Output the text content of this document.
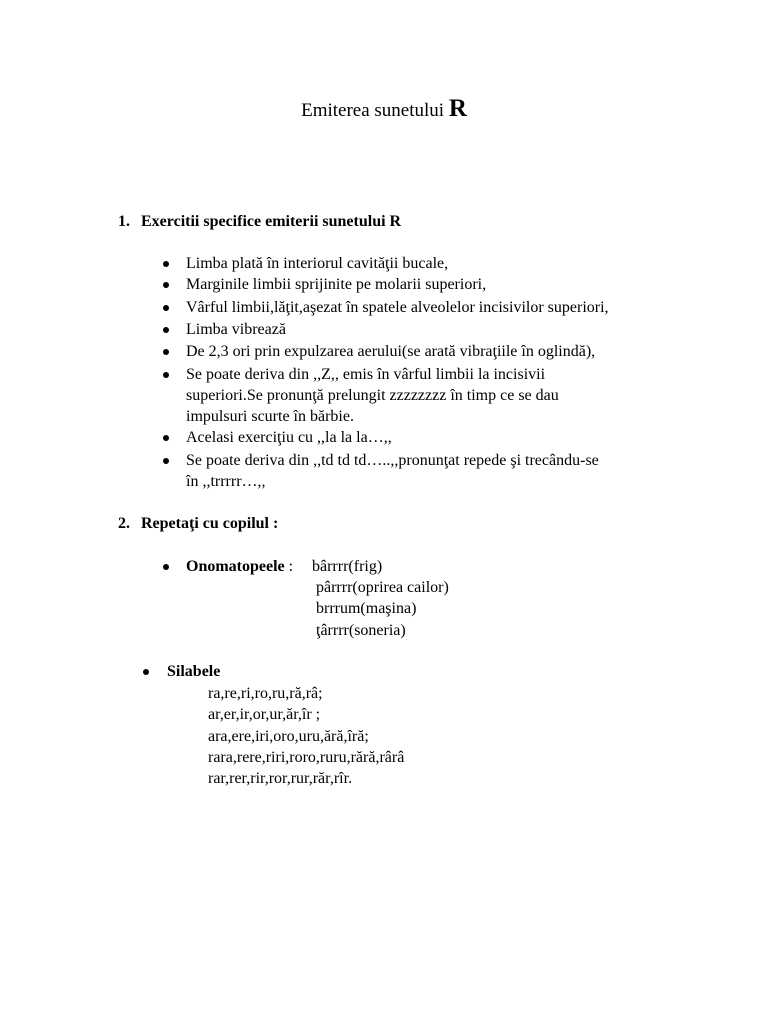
Emiterea sunetului R
1. Exercitii specifice emiterii sunetului R
Limba plată în interiorul cavităţii bucale,
Marginile limbii sprijinite pe molarii superiori,
Vârful limbii,lăţit,aşezat în spatele alveolelor incisivilor superiori,
Limba vibrează
De 2,3 ori prin expulzarea aerului(se arată vibraţiile în oglindă),
Se poate deriva din ,,Z,, emis în vârful limbii la incisivii
superiori.Se pronunţă prelungit zzzzzzzz în timp ce se dau
impulsuri scurte în bărbie.
Acelasi exerciţiu cu ,,la la la…,,
Se poate deriva din ,,td td td…..,,pronunţat repede şi trecându-se
în ,,trrrrr…,,
2. Repetaţi cu copilul :
Onomatopeele : bârrrr(frig)
pârrrr(oprirea cailor)
brrrum(maşina)
ţârrrr(soneria)
Silabele
ra,re,ri,ro,ru,ră,râ;
ar,er,ir,or,ur,ăr,îr ;
ara,ere,iri,oro,uru,ără,îră;
rara,rere,riri,roro,ruru,rără,rârâ
rar,rer,rir,ror,rur,răr,rîr.
